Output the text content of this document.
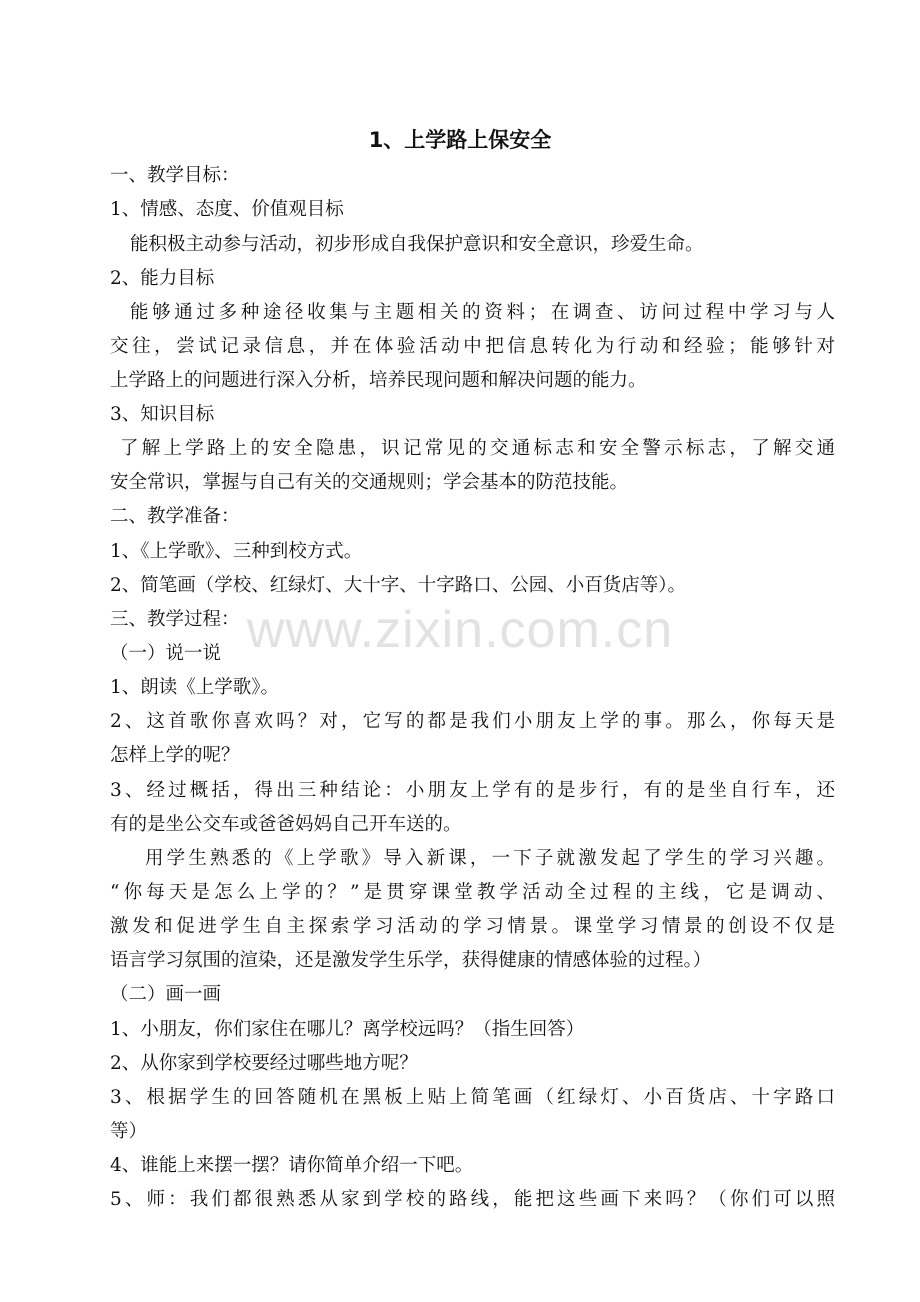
1、上学路上保安全
一、教学目标：
1、情感、态度、价值观目标
能积极主动参与活动，初步形成自我保护意识和安全意识，珍爱生命。
2、能力目标
能够通过多种途径收集与主题相关的资料；在调查、访问过程中学习与人
交往，尝试记录信息，并在体验活动中把信息转化为行动和经验；能够针对
上学路上的问题进行深入分析，培养民现问题和解决问题的能力。
3、知识目标
了解上学路上的安全隐患，识记常见的交通标志和安全警示标志，了解交通
安全常识，掌握与自己有关的交通规则；学会基本的防范技能。
二、教学准备：
1、《上学歌》、三种到校方式。
2、简笔画（学校、红绿灯、大十字、十字路口、公园、小百货店等）。
三、教学过程：
（一）说一说
1、朗读《上学歌》。
2、这首歌你喜欢吗？对，它写的都是我们小朋友上学的事。那么，你每天是
怎样上学的呢？
3、经过概括，得出三种结论：小朋友上学有的是步行，有的是坐自行车，还
有的是坐公交车或爸爸妈妈自己开车送的。
用学生熟悉的《上学歌》导入新课，一下子就激发起了学生的学习兴趣。
“你每天是怎么上学的？”是贯穿课堂教学活动全过程的主线，它是调动、
激发和促进学生自主探索学习活动的学习情景。课堂学习情景的创设不仅是
语言学习氛围的渲染，还是激发学生乐学，获得健康的情感体验的过程。）
（二）画一画
1、小朋友，你们家住在哪儿？离学校远吗？（指生回答）
2、从你家到学校要经过哪些地方呢？
3、根据学生的回答随机在黑板上贴上简笔画（红绿灯、小百货店、十字路口
等）
4、谁能上来摆一摆？请你简单介绍一下吧。
5、师：我们都很熟悉从家到学校的路线，能把这些画下来吗？（你们可以照
www.zixin.com.cn
